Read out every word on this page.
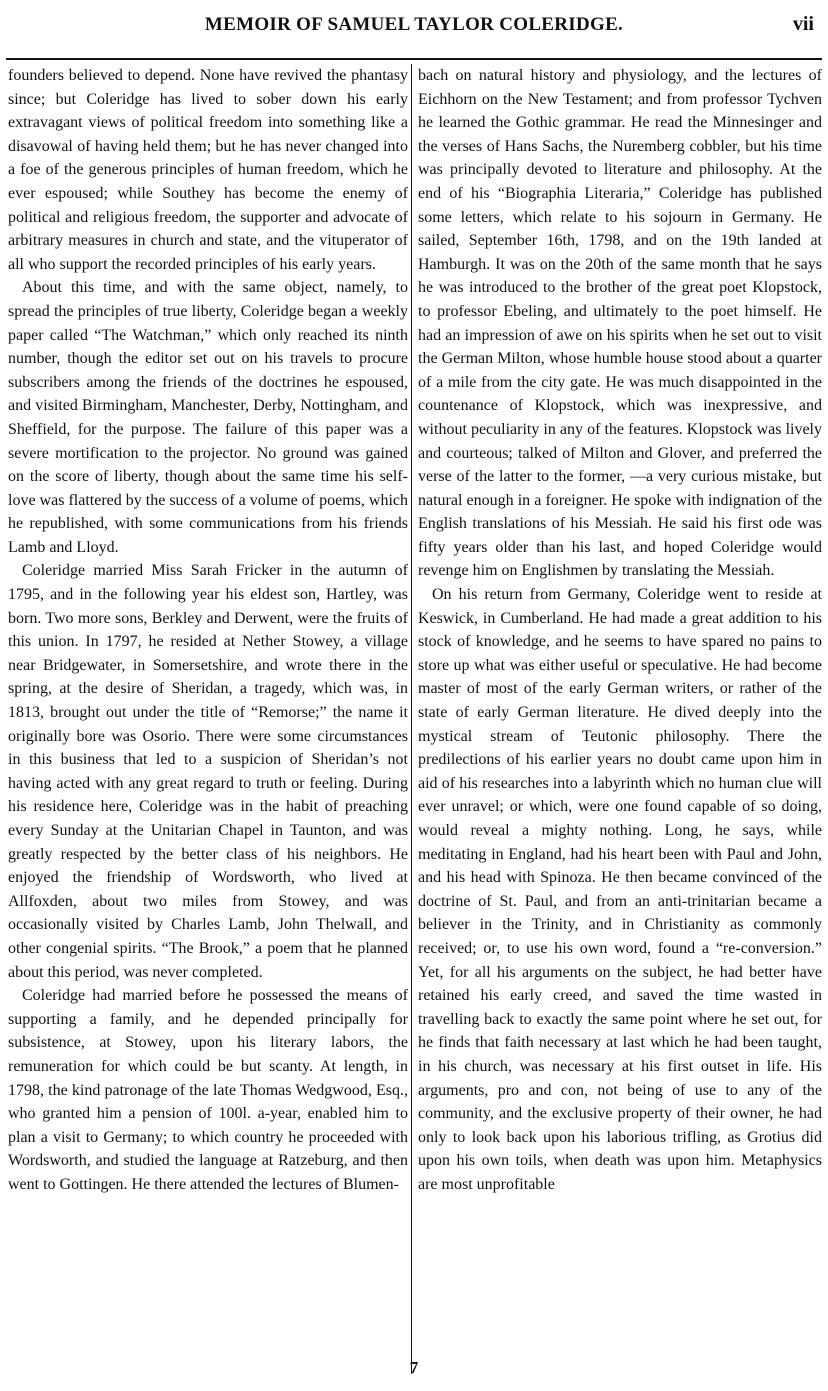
MEMOIR OF SAMUEL TAYLOR COLERIDGE.	vii

founders believed to depend. None have revived the phantasy since; but Coleridge has lived to sober down his early extravagant views of political freedom into something like a disavowal of having held them; but he has never changed into a foe of the generous principles of human freedom, which he ever espoused; while Southey has become the enemy of political and religious freedom, the supporter and advocate of arbitrary measures in church and state, and the vituperator of all who support the recorded principles of his early years.

About this time, and with the same object, namely, to spread the principles of true liberty, Coleridge began a weekly paper called “The Watchman,” which only reached its ninth number, though the editor set out on his travels to procure subscribers among the friends of the doctrines he espoused, and visited Birmingham, Manchester, Derby, Nottingham, and Sheffield, for the purpose. The failure of this paper was a severe mortification to the projector. No ground was gained on the score of liberty, though about the same time his self-love was flattered by the success of a volume of poems, which he republished, with some communications from his friends Lamb and Lloyd.

Coleridge married Miss Sarah Fricker in the autumn of 1795, and in the following year his eldest son, Hartley, was born. Two more sons, Berkley and Derwent, were the fruits of this union. In 1797, he resided at Nether Stowey, a village near Bridgewater, in Somersetshire, and wrote there in the spring, at the desire of Sheridan, a tragedy, which was, in 1813, brought out under the title of “Remorse;” the name it originally bore was Osorio. There were some circumstances in this business that led to a suspicion of Sheridan’s not having acted with any great regard to truth or feeling. During his residence here, Coleridge was in the habit of preaching every Sunday at the Unitarian Chapel in Taunton, and was greatly respected by the better class of his neighbors. He enjoyed the friendship of Wordsworth, who lived at Allfoxden, about two miles from Stowey, and was occasionally visited by Charles Lamb, John Thelwall, and other congenial spirits. “The Brook,” a poem that he planned about this period, was never completed.

Coleridge had married before he possessed the means of supporting a family, and he depended principally for subsistence, at Stowey, upon his literary labors, the remuneration for which could be but scanty. At length, in 1798, the kind patronage of the late Thomas Wedgwood, Esq., who granted him a pension of 100l. a-year, enabled him to plan a visit to Germany; to which country he proceeded with Wordsworth, and studied the language at Ratzeburg, and then went to Gottingen. He there attended the lectures of Blumen-

bach on natural history and physiology, and the lectures of Eichhorn on the New Testament; and from professor Tychven he learned the Gothic grammar. He read the Minnesinger and the verses of Hans Sachs, the Nuremberg cobbler, but his time was principally devoted to literature and philosophy. At the end of his “Biographia Literaria,” Coleridge has published some letters, which relate to his sojourn in Germany. He sailed, September 16th, 1798, and on the 19th landed at Hamburgh. It was on the 20th of the same month that he says he was introduced to the brother of the great poet Klopstock, to professor Ebeling, and ultimately to the poet himself. He had an impression of awe on his spirits when he set out to visit the German Milton, whose humble house stood about a quarter of a mile from the city gate. He was much disappointed in the countenance of Klopstock, which was inexpressive, and without peculiarity in any of the features. Klopstock was lively and courteous; talked of Milton and Glover, and preferred the verse of the latter to the former, —a very curious mistake, but natural enough in a foreigner. He spoke with indignation of the English translations of his Messiah. He said his first ode was fifty years older than his last, and hoped Coleridge would revenge him on Englishmen by translating the Messiah.

On his return from Germany, Coleridge went to reside at Keswick, in Cumberland. He had made a great addition to his stock of knowledge, and he seems to have spared no pains to store up what was either useful or speculative. He had become master of most of the early German writers, or rather of the state of early German literature. He dived deeply into the mystical stream of Teutonic philosophy. There the predilections of his earlier years no doubt came upon him in aid of his researches into a labyrinth which no human clue will ever unravel; or which, were one found capable of so doing, would reveal a mighty nothing. Long, he says, while meditating in England, had his heart been with Paul and John, and his head with Spinoza. He then became convinced of the doctrine of St. Paul, and from an anti-trinitarian became a believer in the Trinity, and in Christianity as commonly received; or, to use his own word, found a “re-conversion.” Yet, for all his arguments on the subject, he had better have retained his early creed, and saved the time wasted in travelling back to exactly the same point where he set out, for he finds that faith necessary at last which he had been taught, in his church, was necessary at his first outset in life. His arguments, pro and con, not being of use to any of the community, and the exclusive property of their owner, he had only to look back upon his laborious trifling, as Grotius did upon his own toils, when death was upon him. Metaphysics are most unprofitable

7
